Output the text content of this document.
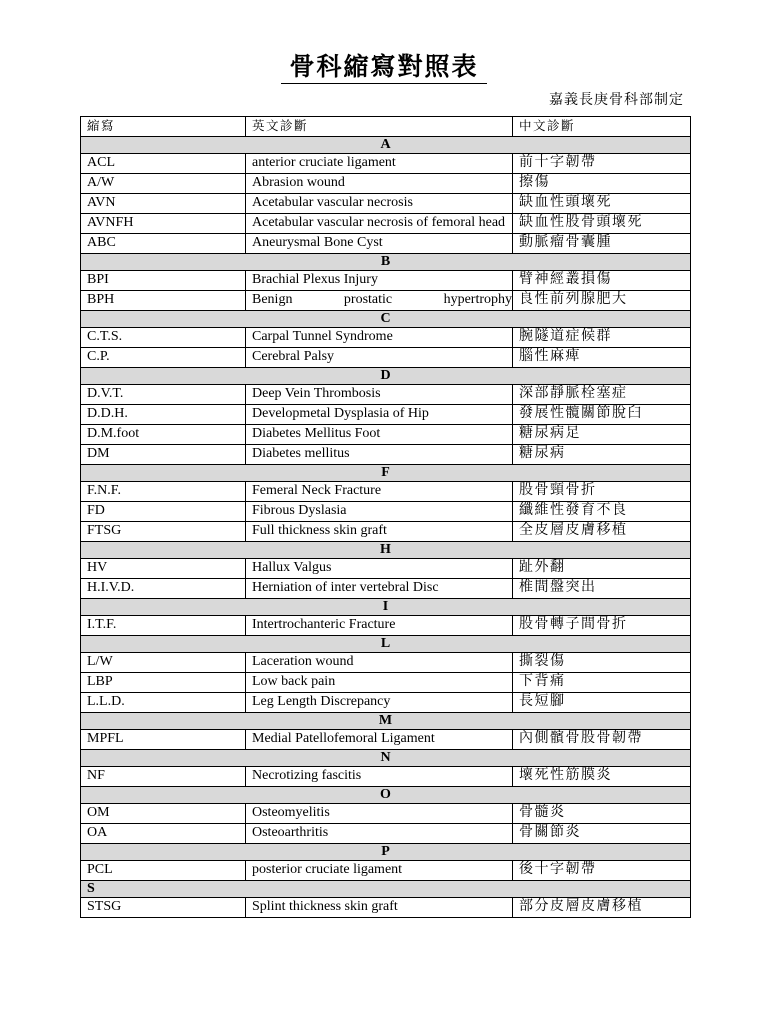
骨科縮寫對照表
嘉義長庚骨科部制定
縮寫	英文診斷	中文診斷
A		
ACL	anterior cruciate ligament	前十字韌帶
A/W	Abrasion wound	擦傷
AVN	Acetabular vascular necrosis	缺血性頭壞死
AVNFH	Acetabular vascular necrosis of femoral head	缺血性股骨頭壞死
ABC	Aneurysmal Bone Cyst	動脈瘤骨囊腫
B		
BPI	Brachial Plexus Injury	臂神經叢損傷
BPH	Benign prostatic hypertrophy	良性前列腺肥大
C		
C.T.S.	Carpal Tunnel Syndrome	腕隧道症候群
C.P.	Cerebral Palsy	腦性麻痺
D		
D.V.T.	Deep Vein Thrombosis	深部靜脈栓塞症
D.D.H.	Developmetal Dysplasia of Hip	發展性髖關節脫臼
D.M.foot	Diabetes Mellitus Foot	糖尿病足
DM	Diabetes mellitus	糖尿病
F		
F.N.F.	Femeral Neck Fracture	股骨頸骨折
FD	Fibrous Dyslasia	纖維性發育不良
FTSG	Full thickness skin graft	全皮層皮膚移植
H		
HV	Hallux Valgus	趾外翻
H.I.V.D.	Herniation of inter vertebral Disc	椎間盤突出
I		
I.T.F.	Intertrochanteric Fracture	股骨轉子間骨折
L		
L/W	Laceration wound	撕裂傷
LBP	Low back pain	下背痛
L.L.D.	Leg Length Discrepancy	長短腳
M		
MPFL	Medial Patellofemoral Ligament	內側髕骨股骨韌帶
N		
NF	Necrotizing fascitis	壞死性筋膜炎
O		
OM	Osteomyelitis	骨髓炎
OA	Osteoarthritis	骨關節炎
P		
PCL	posterior cruciate ligament	後十字韌帶
S		
STSG	Splint thickness skin graft	部分皮層皮膚移植
